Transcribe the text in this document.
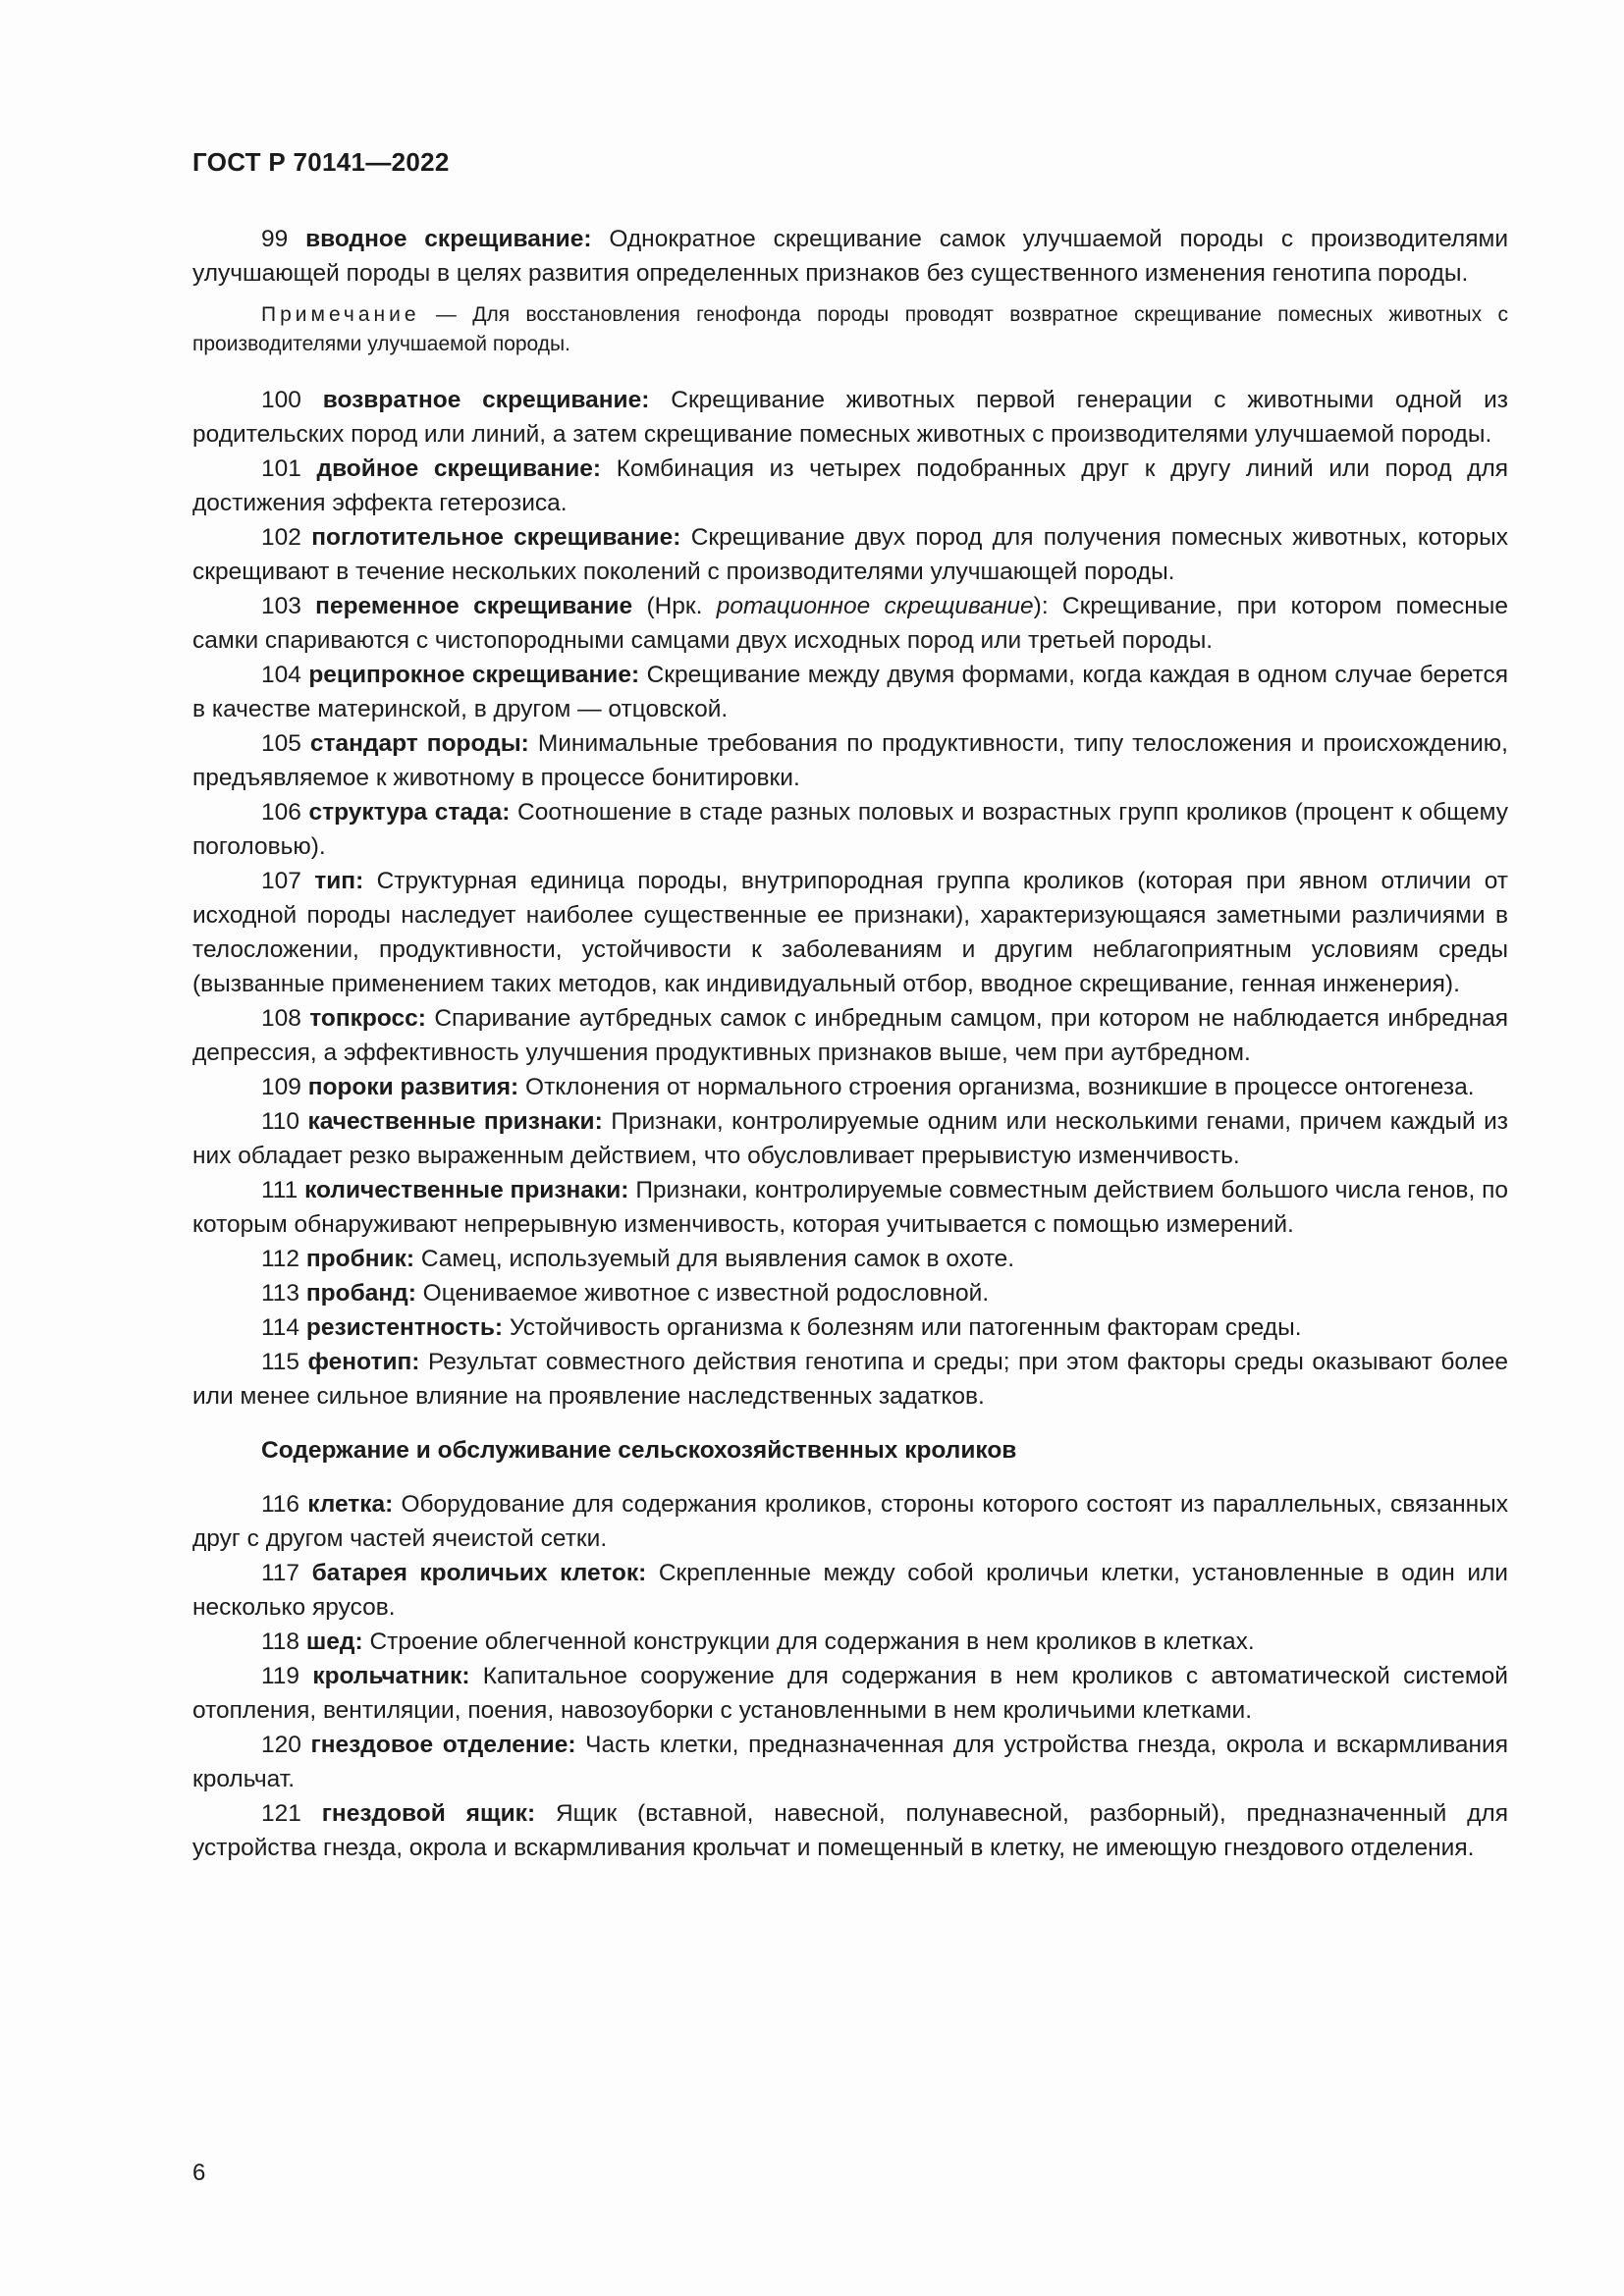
ГОСТ Р 70141—2022

99 вводное скрещивание: Однократное скрещивание самок улучшаемой породы с производителями улучшающей породы в целях развития определенных признаков без существенного изменения генотипа породы.

Примечание — Для восстановления генофонда породы проводят возвратное скрещивание помесных животных с производителями улучшаемой породы.

100 возвратное скрещивание: Скрещивание животных первой генерации с животными одной из родительских пород или линий, а затем скрещивание помесных животных с производителями улучшаемой породы.

101 двойное скрещивание: Комбинация из четырех подобранных друг к другу линий или пород для достижения эффекта гетерозиса.

102 поглотительное скрещивание: Скрещивание двух пород для получения помесных животных, которых скрещивают в течение нескольких поколений с производителями улучшающей породы.

103 переменное скрещивание (Нрк. ротационное скрещивание): Скрещивание, при котором помесные самки спариваются с чистопородными самцами двух исходных пород или третьей породы.

104 реципрокное скрещивание: Скрещивание между двумя формами, когда каждая в одном случае берется в качестве материнской, в другом — отцовской.

105 стандарт породы: Минимальные требования по продуктивности, типу телосложения и происхождению, предъявляемое к животному в процессе бонитировки.

106 структура стада: Соотношение в стаде разных половых и возрастных групп кроликов (процент к общему поголовью).

107 тип: Структурная единица породы, внутрипородная группа кроликов (которая при явном отличии от исходной породы наследует наиболее существенные ее признаки), характеризующаяся заметными различиями в телосложении, продуктивности, устойчивости к заболеваниям и другим неблагоприятным условиям среды (вызванные применением таких методов, как индивидуальный отбор, вводное скрещивание, генная инженерия).

108 топкросс: Спаривание аутбредных самок с инбредным самцом, при котором не наблюдается инбредная депрессия, а эффективность улучшения продуктивных признаков выше, чем при аутбредном.

109 пороки развития: Отклонения от нормального строения организма, возникшие в процессе онтогенеза.

110 качественные признаки: Признаки, контролируемые одним или несколькими генами, причем каждый из них обладает резко выраженным действием, что обусловливает прерывистую изменчивость.

111 количественные признаки: Признаки, контролируемые совместным действием большого числа генов, по которым обнаруживают непрерывную изменчивость, которая учитывается с помощью измерений.

112 пробник: Самец, используемый для выявления самок в охоте.

113 пробанд: Оцениваемое животное с известной родословной.

114 резистентность: Устойчивость организма к болезням или патогенным факторам среды.

115 фенотип: Результат совместного действия генотипа и среды; при этом факторы среды оказывают более или менее сильное влияние на проявление наследственных задатков.

Содержание и обслуживание сельскохозяйственных кроликов

116 клетка: Оборудование для содержания кроликов, стороны которого состоят из параллельных, связанных друг с другом частей ячеистой сетки.

117 батарея кроличьих клеток: Скрепленные между собой кроличьи клетки, установленные в один или несколько ярусов.

118 шед: Строение облегченной конструкции для содержания в нем кроликов в клетках.

119 крольчатник: Капитальное сооружение для содержания в нем кроликов с автоматической системой отопления, вентиляции, поения, навозоуборки с установленными в нем кроличьими клетками.

120 гнездовое отделение: Часть клетки, предназначенная для устройства гнезда, окрола и вскармливания крольчат.

121 гнездовой ящик: Ящик (вставной, навесной, полунавесной, разборный), предназначенный для устройства гнезда, окрола и вскармливания крольчат и помещенный в клетку, не имеющую гнездового отделения.

6
